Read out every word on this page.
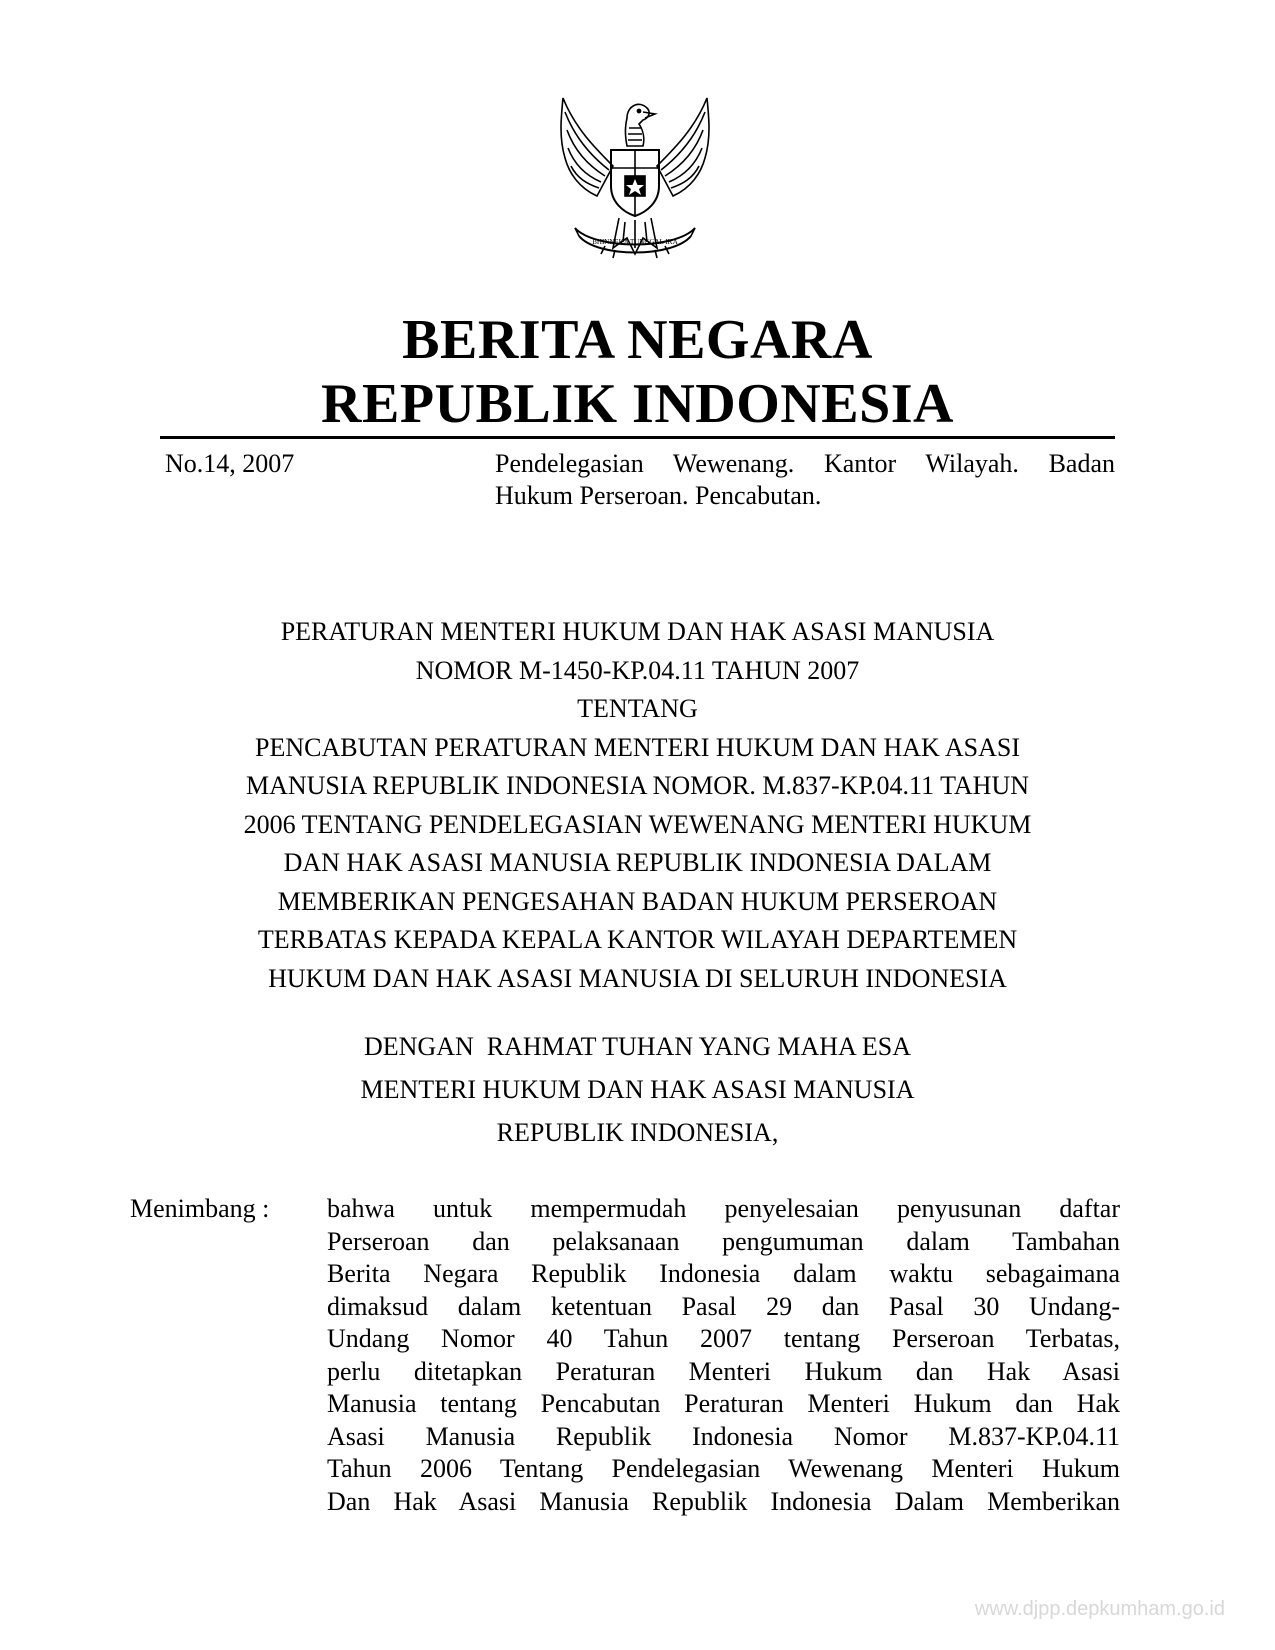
BHINNEKA TUNGGAL IKA
BERITA NEGARA
REPUBLIK INDONESIA
No.14, 2007	Pendelegasian Wewenang. Kantor Wilayah. Badan
Hukum Perseroan. Pencabutan.
PERATURAN MENTERI HUKUM DAN HAK ASASI MANUSIA
NOMOR M-1450-KP.04.11 TAHUN 2007
TENTANG
PENCABUTAN PERATURAN MENTERI HUKUM DAN HAK ASASI
MANUSIA REPUBLIK INDONESIA NOMOR. M.837-KP.04.11 TAHUN
2006 TENTANG PENDELEGASIAN WEWENANG MENTERI HUKUM
DAN HAK ASASI MANUSIA REPUBLIK INDONESIA DALAM
MEMBERIKAN PENGESAHAN BADAN HUKUM PERSEROAN
TERBATAS KEPADA KEPALA KANTOR WILAYAH DEPARTEMEN
HUKUM DAN HAK ASASI MANUSIA DI SELURUH INDONESIA
DENGAN  RAHMAT TUHAN YANG MAHA ESA
MENTERI HUKUM DAN HAK ASASI MANUSIA
REPUBLIK INDONESIA,
Menimbang : bahwa untuk mempermudah penyelesaian penyusunan daftar
Perseroan dan pelaksanaan pengumuman dalam Tambahan
Berita Negara Republik Indonesia dalam waktu sebagaimana
dimaksud dalam ketentuan Pasal 29 dan Pasal 30 Undang-
Undang Nomor 40 Tahun 2007 tentang Perseroan Terbatas,
perlu ditetapkan Peraturan Menteri Hukum dan Hak Asasi
Manusia tentang Pencabutan Peraturan Menteri Hukum dan Hak
Asasi Manusia Republik Indonesia Nomor M.837-KP.04.11
Tahun 2006 Tentang Pendelegasian Wewenang Menteri Hukum
Dan Hak Asasi Manusia Republik Indonesia Dalam Memberikan
www.djpp.depkumham.go.id
